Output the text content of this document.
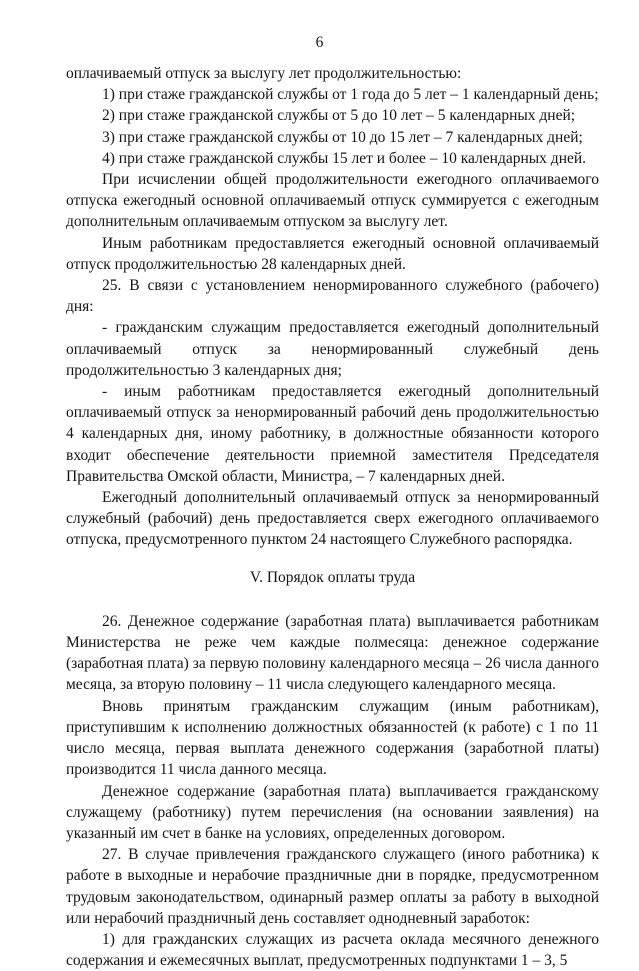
6

оплачиваемый отпуск за выслугу лет продолжительностью:

1) при стаже гражданской службы от 1 года до 5 лет – 1 календарный день;

2) при стаже гражданской службы от 5 до 10 лет – 5 календарных дней;

3) при стаже гражданской службы от 10 до 15 лет – 7 календарных дней;

4) при стаже гражданской службы 15 лет и более – 10 календарных дней.

При исчислении общей продолжительности ежегодного оплачиваемого отпуска ежегодный основной оплачиваемый отпуск суммируется с ежегодным дополнительным оплачиваемым отпуском за выслугу лет.

Иным работникам предоставляется ежегодный основной оплачиваемый отпуск продолжительностью 28 календарных дней.

25. В связи с установлением ненормированного служебного (рабочего) дня:

- гражданским служащим предоставляется ежегодный дополнительный оплачиваемый отпуск за ненормированный служебный день продолжительностью 3 календарных дня;

- иным работникам предоставляется ежегодный дополнительный оплачиваемый отпуск за ненормированный рабочий день продолжительностью 4 календарных дня, иному работнику, в должностные обязанности которого входит обеспечение деятельности приемной заместителя Председателя Правительства Омской области, Министра, – 7 календарных дней.

Ежегодный дополнительный оплачиваемый отпуск за ненормированный служебный (рабочий) день предоставляется сверх ежегодного оплачиваемого отпуска, предусмотренного пунктом 24 настоящего Служебного распорядка.

V. Порядок оплаты труда

26. Денежное содержание (заработная плата) выплачивается работникам Министерства не реже чем каждые полмесяца: денежное содержание (заработная плата) за первую половину календарного месяца – 26 числа данного месяца, за вторую половину – 11 числа следующего календарного месяца.

Вновь принятым гражданским служащим (иным работникам), приступившим к исполнению должностных обязанностей (к работе) с 1 по 11 число месяца, первая выплата денежного содержания (заработной платы) производится 11 числа данного месяца.

Денежное содержание (заработная плата) выплачивается гражданскому служащему (работнику) путем перечисления (на основании заявления) на указанный им счет в банке на условиях, определенных договором.

27. В случае привлечения гражданского служащего (иного работника) к работе в выходные и нерабочие праздничные дни в порядке, предусмотренном трудовым законодательством, одинарный размер оплаты за работу в выходной или нерабочий праздничный день составляет однодневный заработок:

1) для гражданских служащих из расчета оклада месячного денежного содержания и ежемесячных выплат, предусмотренных подпунктами 1 – 3, 5
